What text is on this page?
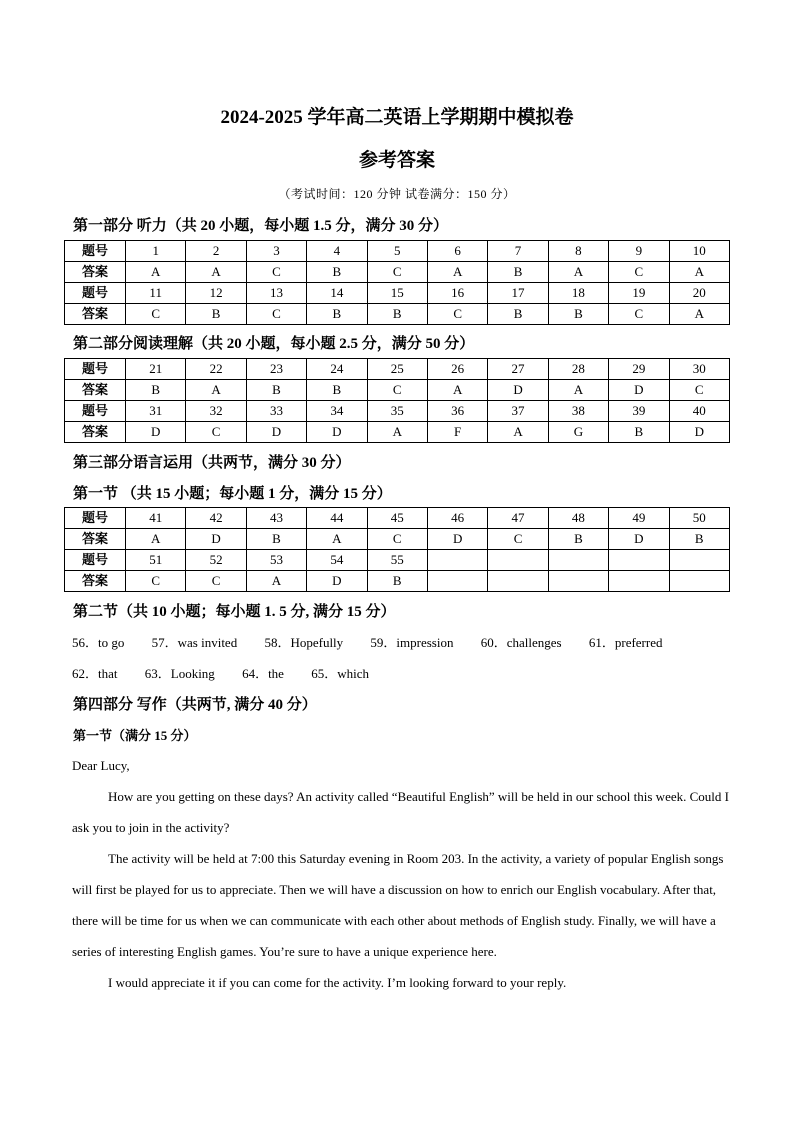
2024-2025 学年高二英语上学期期中模拟卷
参考答案
（考试时间：120 分钟 试卷满分：150 分）
第一部分 听力（共 20 小题，每小题 1.5 分，满分 30 分）
题号	1	2	3	4	5	6	7	8	9	10
答案	A	A	C	B	C	A	B	A	C	A
题号	11	12	13	14	15	16	17	18	19	20
答案	C	B	C	B	B	C	B	B	C	A
第二部分阅读理解（共 20 小题，每小题 2.5 分，满分 50 分）
题号	21	22	23	24	25	26	27	28	29	30
答案	B	A	B	B	C	A	D	A	D	C
题号	31	32	33	34	35	36	37	38	39	40
答案	D	C	D	D	A	F	A	G	B	D
第三部分语言运用（共两节，满分 30 分）
第一节 （共 15 小题；每小题 1 分，满分 15 分）
题号	41	42	43	44	45	46	47	48	49	50
答案	A	D	B	A	C	D	C	B	D	B
题号	51	52	53	54	55					
答案	C	C	A	D	B					
第二节（共 10 小题；每小题 1. 5 分, 满分 15 分）
56．to go 57．was invited 58．Hopefully 59．impression 60．challenges 61．preferred
62．that 63．Looking 64．the 65．which
第四部分 写作（共两节, 满分 40 分）
第一节（满分 15 分）

Dear Lucy,

How are you getting on these days? An activity called “Beautiful English” will be held in our school this week. Could I ask you to join in the activity?

The activity will be held at 7:00 this Saturday evening in Room 203. In the activity, a variety of popular English songs will first be played for us to appreciate. Then we will have a discussion on how to enrich our English vocabulary. After that, there will be time for us when we can communicate with each other about methods of English study. Finally, we will have a series of interesting English games. You’re sure to have a unique experience here.

I would appreciate it if you can come for the activity. I’m looking forward to your reply.
